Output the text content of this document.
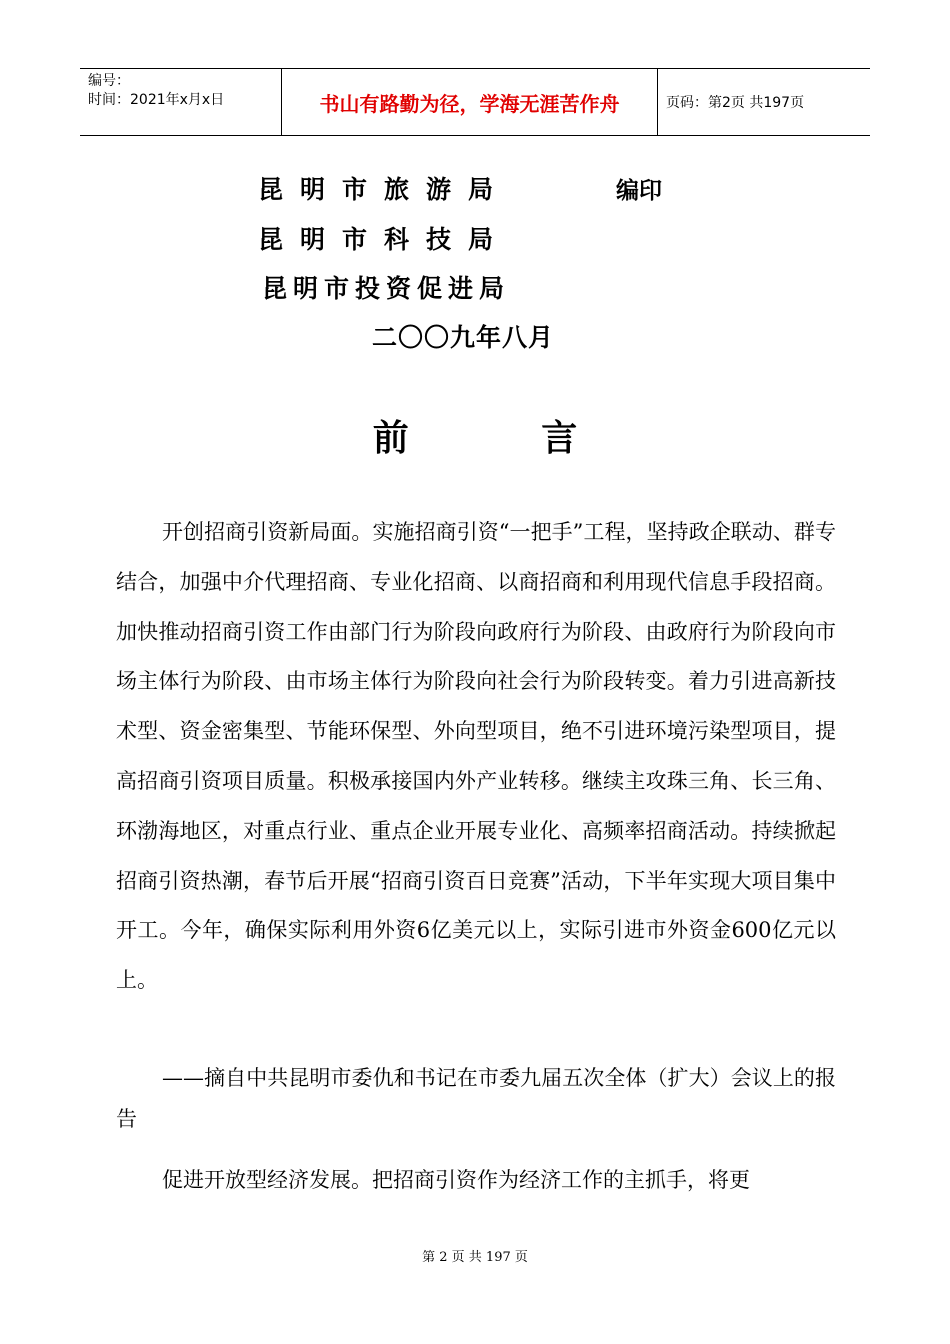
编号：
时间：2021年x月x日	书山有路勤为径，学海无涯苦作舟	页码：第2页 共197页
昆明市旅游局	编印
昆明市科技局
昆明市投资促进局
二〇〇九年八月
前 言

开创招商引资新局面。实施招商引资“一把手”工程，坚持政企联动、群专结合，加强中介代理招商、专业化招商、以商招商和利用现代信息手段招商。加快推动招商引资工作由部门行为阶段向政府行为阶段、由政府行为阶段向市场主体行为阶段、由市场主体行为阶段向社会行为阶段转变。着力引进高新技术型、资金密集型、节能环保型、外向型项目，绝不引进环境污染型项目，提高招商引资项目质量。积极承接国内外产业转移。继续主攻珠三角、长三角、环渤海地区，对重点行业、重点企业开展专业化、高频率招商活动。持续掀起招商引资热潮，春节后开展“招商引资百日竞赛”活动，下半年实现大项目集中开工。今年，确保实际利用外资6亿美元以上，实际引进市外资金600亿元以上。

——摘自中共昆明市委仇和书记在市委九届五次全体（扩大）会议上的报告

促进开放型经济发展。把招商引资作为经济工作的主抓手，将更

第 2 页 共 197 页
